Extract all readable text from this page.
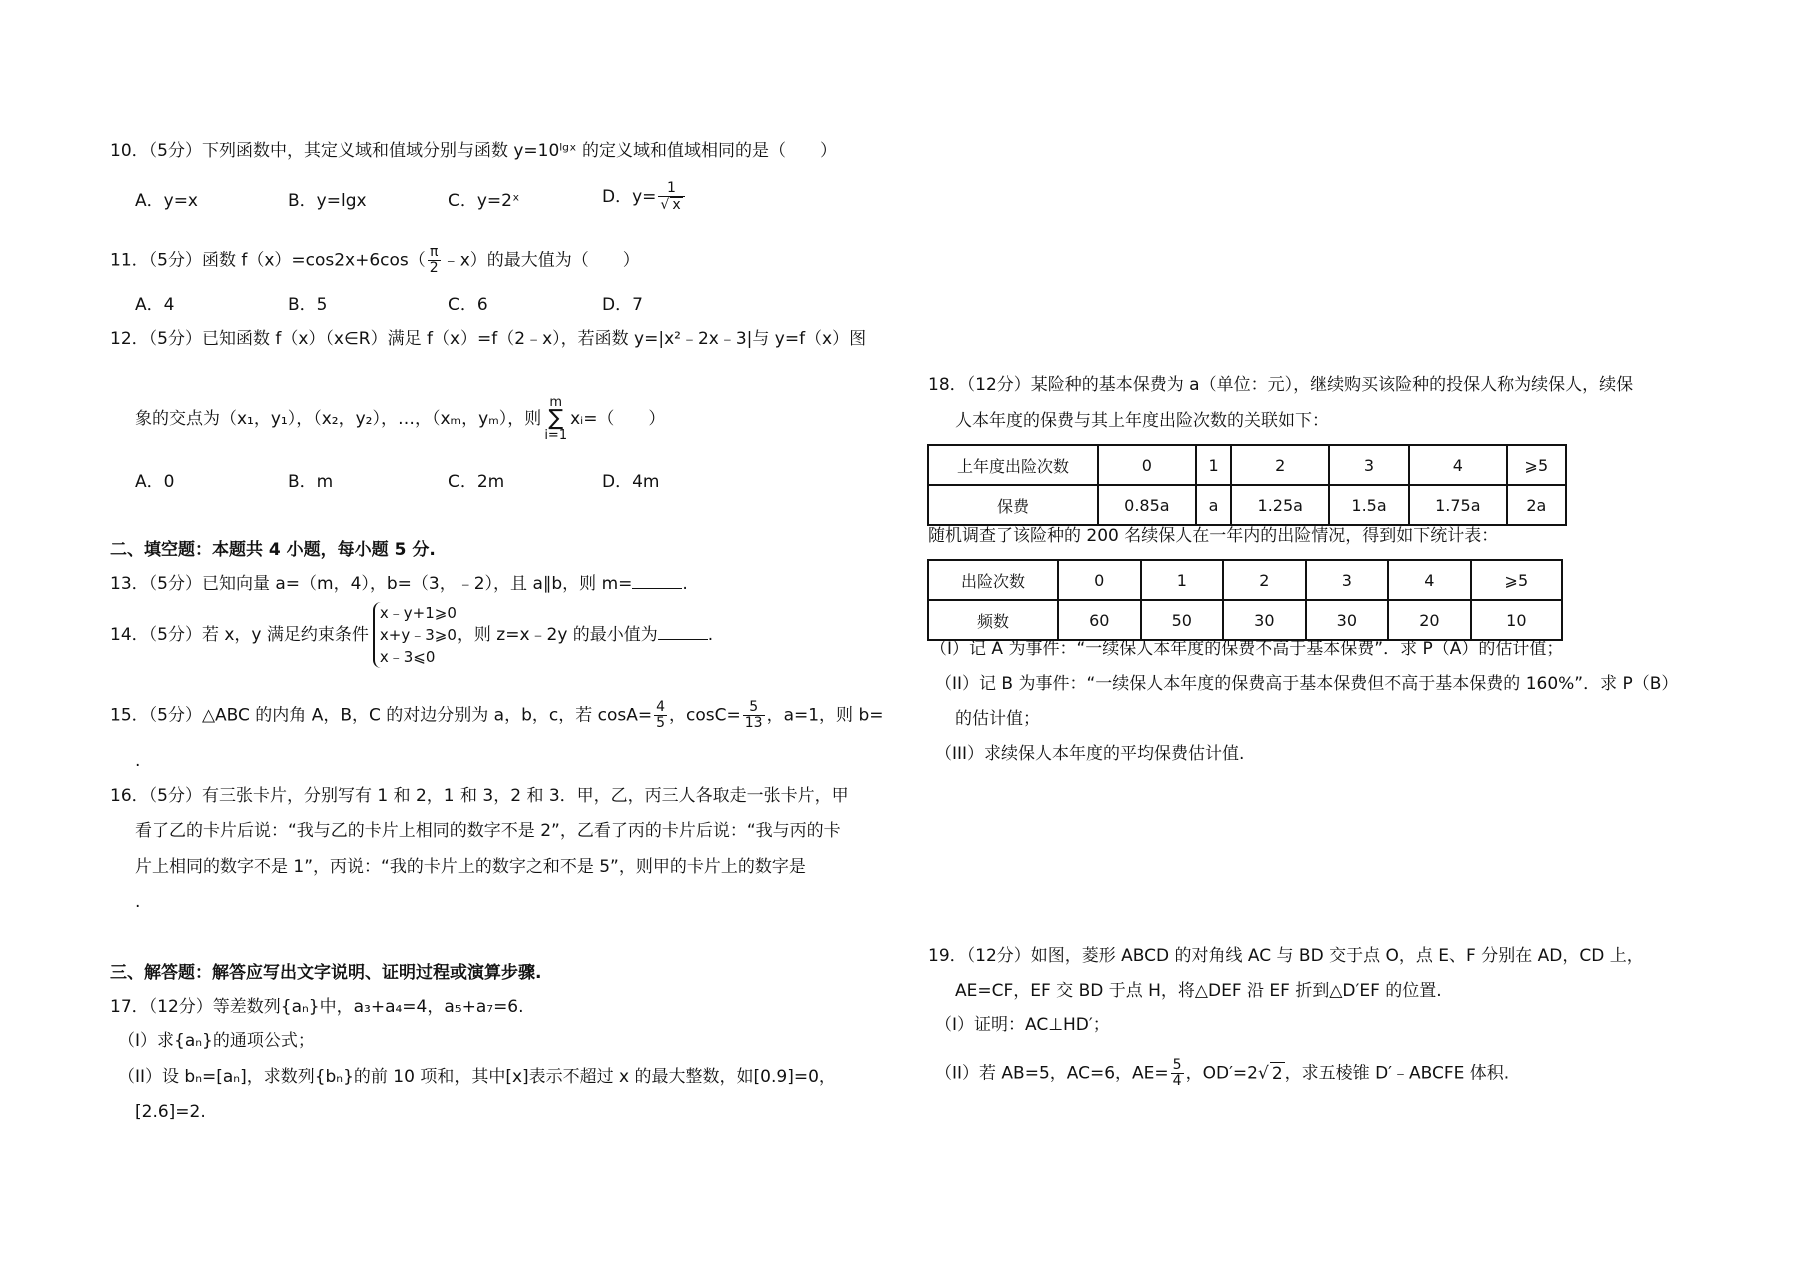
10．（5分）下列函数中，其定义域和值域分别与函数 y=10ˡᵍˣ 的定义域和值域相同的是（　　）
A．y=x	B．y=lgx	C．y=2ˣ	D．$y= \frac{1}{√ x}$
11．（5分）函数 $f(x)=\cos 2x+6\cos( \frac{\pi}{2}$ ﹣x）的最大值为（　　）
A．4	B．5	C．6	D．7
12．（5分）已知函数 f（x）（x∈R）满足 f（x）=f（2﹣x），若函数 y=|x²﹣2x﹣3|与 y=f（x）图
象的交点为（x₁，y₁），（x₂，y₂），…，（xₘ，yₘ），则m
∑
i=1xᵢ=（　　）
A．0	B．m	C．2m	D．4m
二、填空题：本题共 4 小题，每小题 5 分.
13．（5分）已知向量 a=（m，4），b=（3，﹣2），且 a∥b，则 m=	.
14．（5分）若 x，y 满足约束条件
x﹣y+1⩾0
x+y﹣3⩾0
x﹣3⩽0
，则 z=x﹣2y 的最小值为	.
15．（5分）△ABC 的内角 A，B，C 的对边分别为 a，b，c，若 $\cos A= \frac{4}{5}$ ，$\cos C= \frac{5}{13}$ ，a=1，则 b=
.
16．（5分）有三张卡片，分别写有 1 和 2，1 和 3，2 和 3．甲，乙，丙三人各取走一张卡片，甲
看了乙的卡片后说：“我与乙的卡片上相同的数字不是 2”，乙看了丙的卡片后说：“我与丙的卡
片上相同的数字不是 1”，丙说：“我的卡片上的数字之和不是 5”，则甲的卡片上的数字是
.
三、解答题：解答应写出文字说明、证明过程或演算步骤.
17．（12分）等差数列{aₙ}中，a₃+a₄=4，a₅+a₇=6.
（I）求{aₙ}的通项公式；
（II）设 bₙ=[aₙ]，求数列{bₙ}的前 10 项和，其中[x]表示不超过 x 的最大整数，如[0.9]=0，
[2.6]=2.
18．（12分）某险种的基本保费为 a（单位：元），继续购买该险种的投保人称为续保人，续保
人本年度的保费与其上年度出险次数的关联如下：
上年度出险次数	0	1	2	3	4	⩾5
保费	0.85a	a	1.25a	1.5a	1.75a	2a
随机调查了该险种的 200 名续保人在一年内的出险情况，得到如下统计表：
出险次数	0	1	2	3	4	⩾5
频数	60	50	30	30	20	10
（I）记 A 为事件：“一续保人本年度的保费不高于基本保费”．求 P（A）的估计值；
（II）记 B 为事件：“一续保人本年度的保费高于基本保费但不高于基本保费的 160%”．求 P（B）
的估计值；
（III）求续保人本年度的平均保费估计值.
19．（12分）如图，菱形 ABCD 的对角线 AC 与 BD 交于点 O，点 E、F 分别在 AD，CD 上，
AE=CF，EF 交 BD 于点 H，将△DEF 沿 EF 折到△D′EF 的位置.
（I）证明：AC⊥HD′；
（II）若 AB=5，AC=6，$AE= \frac{5}{4}$ ，OD′=2√ 2 ，求五棱锥 D′﹣ABCFE 体积.
